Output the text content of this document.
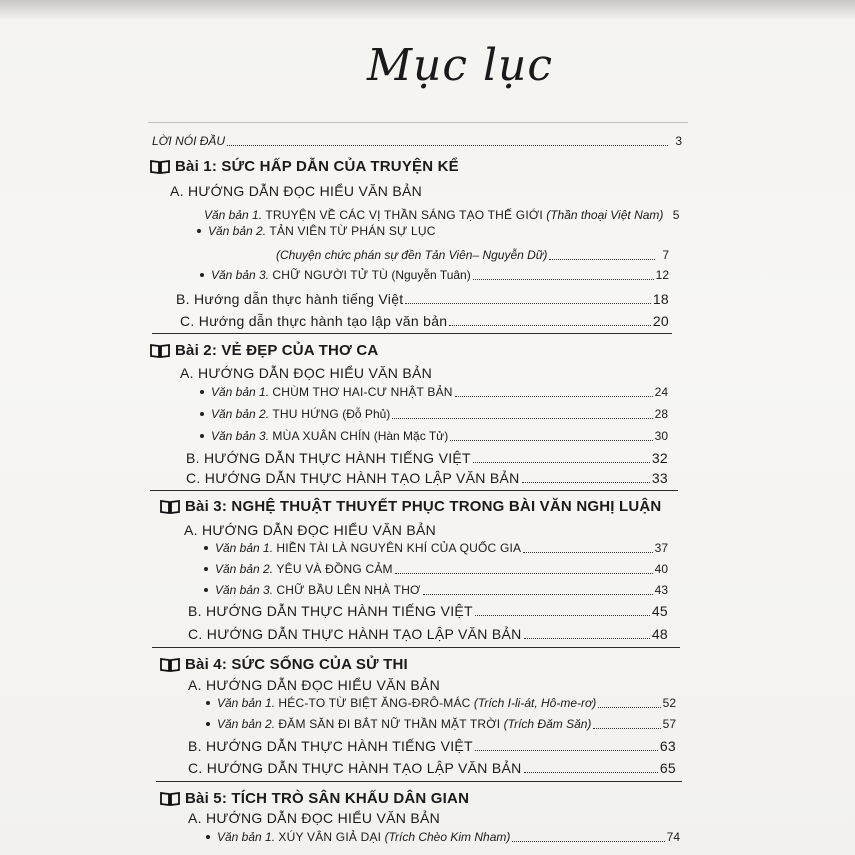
Mục lục
LỜI NÓI ĐẦU	3
Bài 1: SỨC HẤP DẪN CỦA TRUYỆN KỂ
A. HƯỚNG DẪN ĐỌC HIỂU VĂN BẢN
Văn bản 1.
TRUYỆN VỀ CÁC VỊ THẦN SÁNG TẠO THẾ GIỚI
(Thần thoại Việt Nam) 5
Văn bản 2.
TẢN VIÊN TỪ PHÁN SỰ LỤC
(Chuyện chức phán sự đền Tản Viên– Nguyễn Dữ)	7
Văn bản 3.
CHỮ NGƯỜI TỬ TÙ
(Nguyễn Tuân)	12
B. Hướng dẫn thực hành tiếng Việt	18
C. Hướng dẫn thực hành tạo lập văn bản	20
Bài 2: VẺ ĐẸP CỦA THƠ CA
A. HƯỚNG DẪN ĐỌC HIỂU VĂN BẢN
Văn bản 1.
CHÙM THƠ HAI-CƯ NHẬT BẢN	24
Văn bản 2.
THU HỨNG
(Đỗ Phủ)	28
Văn bản 3.
MÙA XUÂN CHÍN
(Hàn Mặc Tử)	30
B. HƯỚNG DẪN THỰC HÀNH TIẾNG VIỆT	32
C. HƯỚNG DẪN THỰC HÀNH TẠO LẬP VĂN BẢN	33
Bài 3: NGHỆ THUẬT THUYẾT PHỤC TRONG BÀI VĂN NGHỊ LUẬN
A. HƯỚNG DẪN ĐỌC HIỂU VĂN BẢN
Văn bản 1.
HIỀN TÀI LÀ NGUYÊN KHÍ CỦA QUỐC GIA	37
Văn bản 2.
YÊU VÀ ĐỒNG CẢM	40
Văn bản 3.
CHỮ BẦU LÊN NHÀ THƠ	43
B. HƯỚNG DẪN THỰC HÀNH TIẾNG VIỆT	45
C. HƯỚNG DẪN THỰC HÀNH TẠO LẬP VĂN BẢN	48
Bài 4: SỨC SỐNG CỦA SỬ THI
A. HƯỚNG DẪN ĐỌC HIỂU VĂN BẢN
Văn bản 1.
HÉC-TO TỪ BIỆT ĂNG-ĐRÔ-MÁC
(Trích I-li-át, Hô-me-rơ)	52
Văn bản 2.
ĐĂM SĂN ĐI BẮT NỮ THẦN MẶT TRỜI
(Trích Đăm Săn)	57
B. HƯỚNG DẪN THỰC HÀNH TIẾNG VIỆT	63
C. HƯỚNG DẪN THỰC HÀNH TẠO LẬP VĂN BẢN	65
Bài 5: TÍCH TRÒ SÂN KHẤU DÂN GIAN
A. HƯỚNG DẪN ĐỌC HIỂU VĂN BẢN
Văn bản 1.
XÚY VÂN GIẢ DẠI
(Trích Chèo Kim Nham)	74
